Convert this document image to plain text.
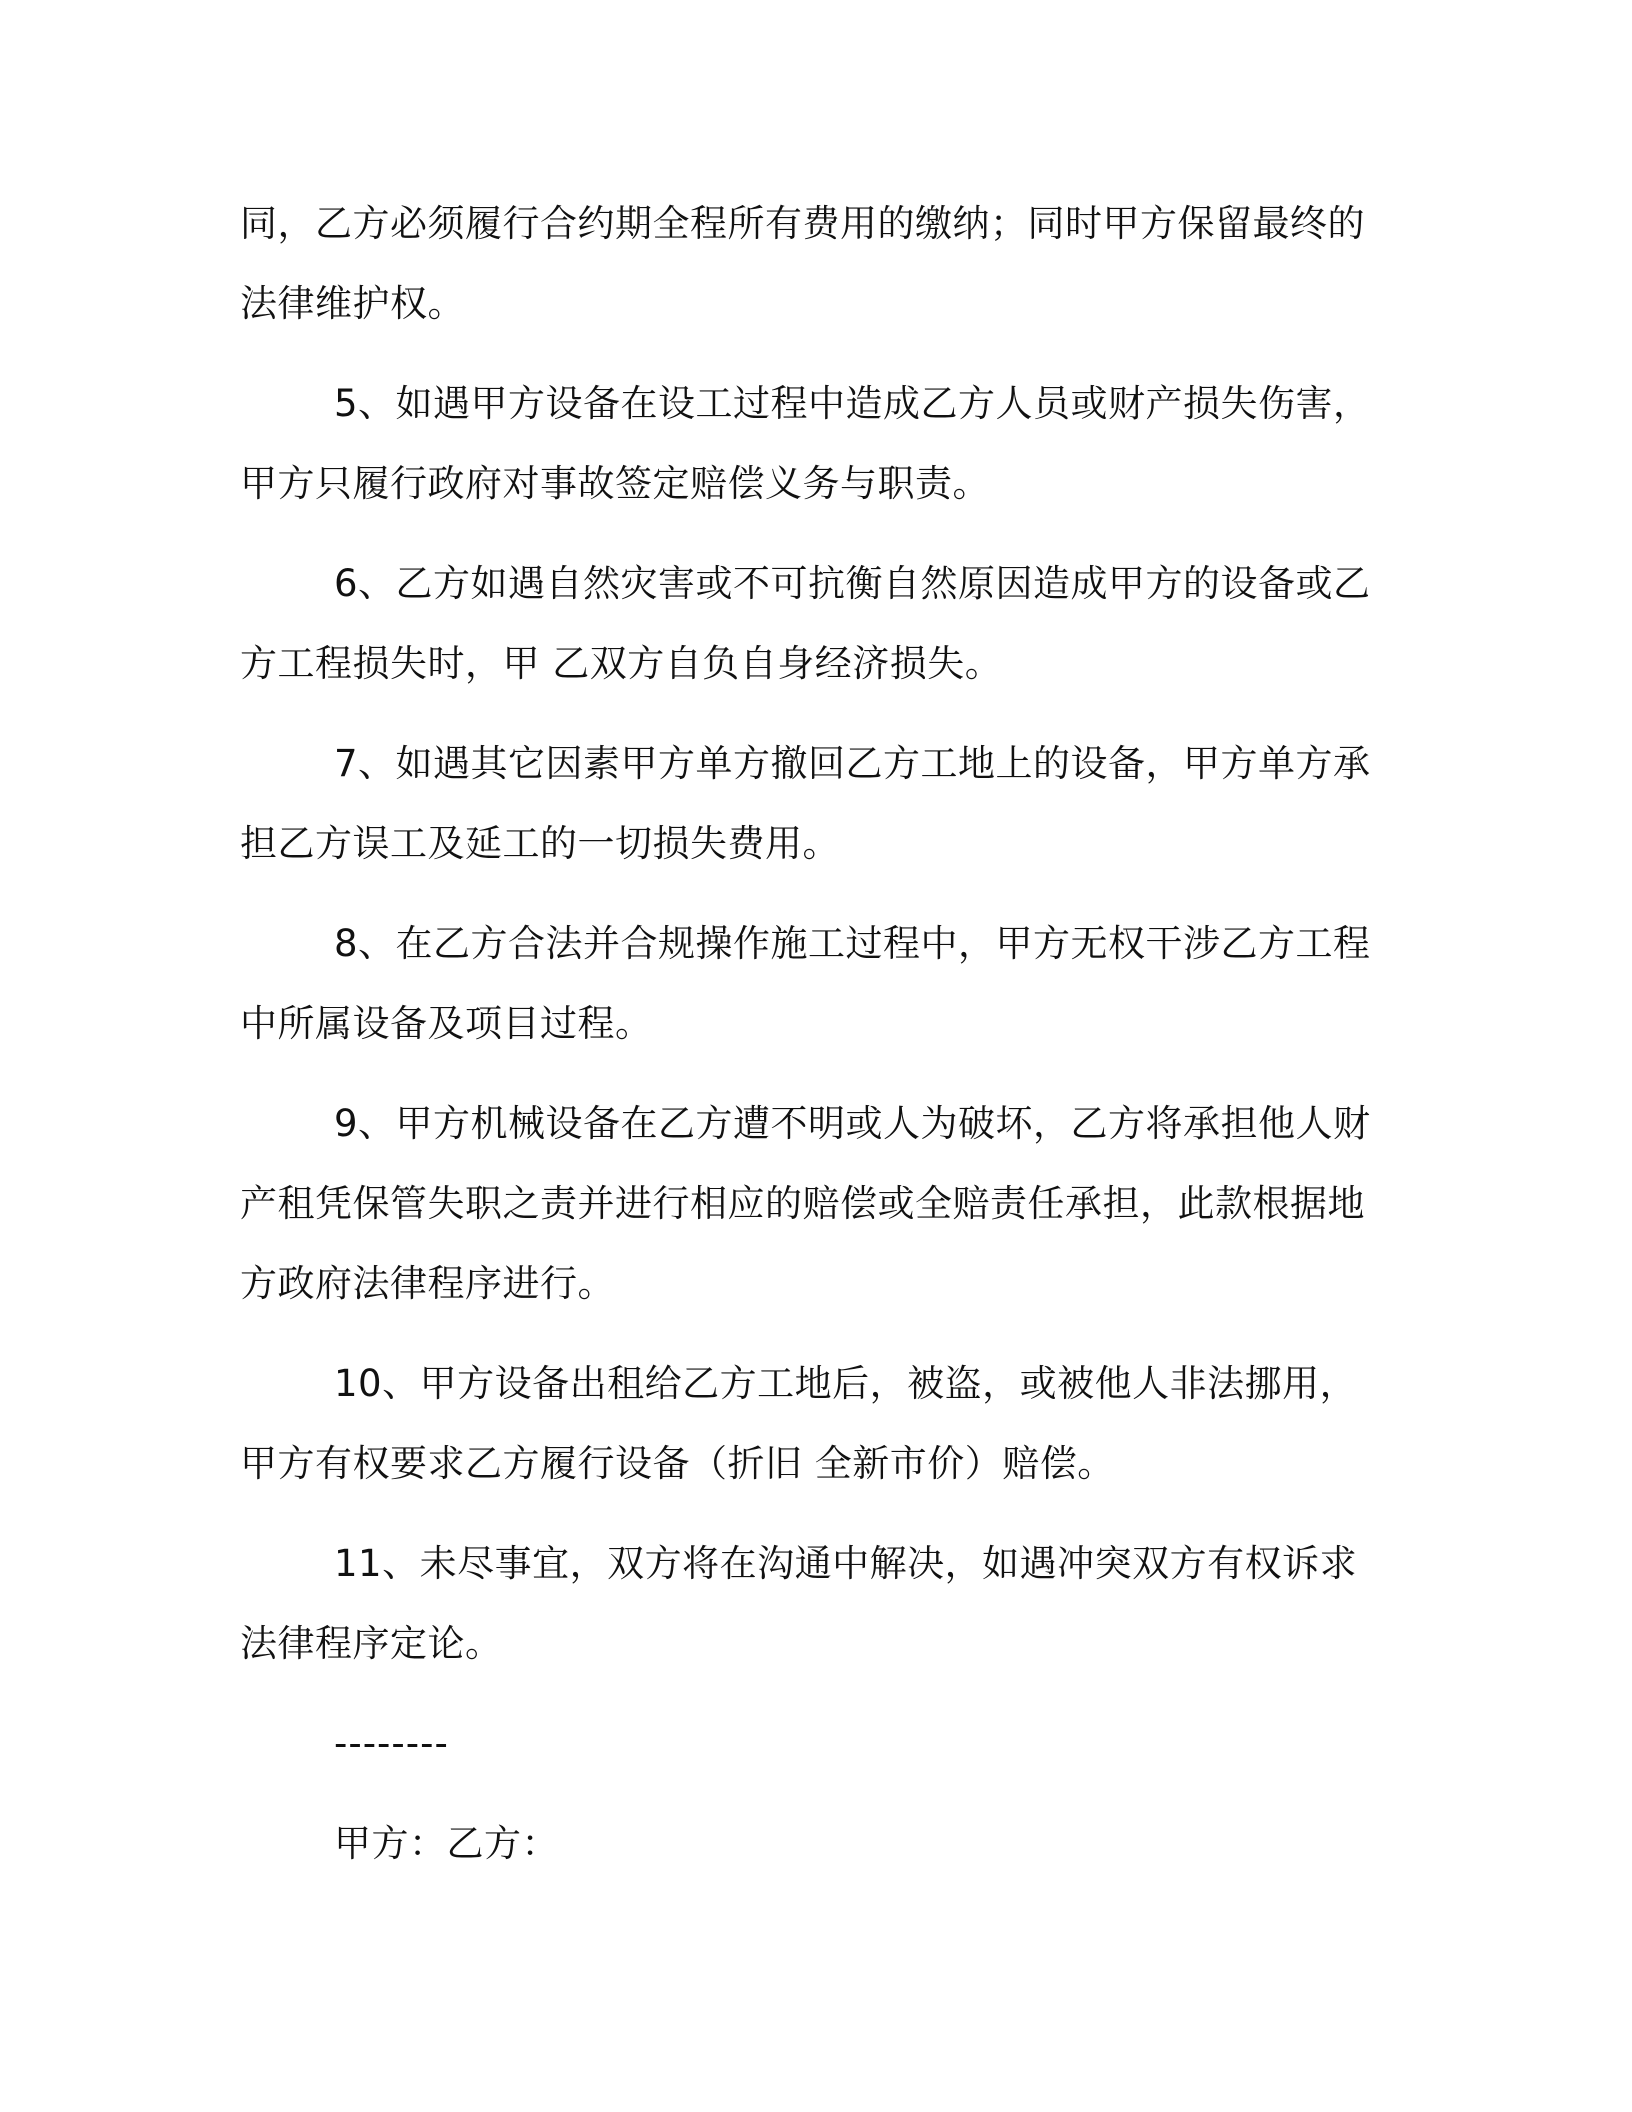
同，乙方必须履行合约期全程所有费用的缴纳；同时甲方保留最终的法律维护权。

5、如遇甲方设备在设工过程中造成乙方人员或财产损失伤害，甲方只履行政府对事故签定赔偿义务与职责。

6、乙方如遇自然灾害或不可抗衡自然原因造成甲方的设备或乙方工程损失时，甲 乙双方自负自身经济损失。

7、如遇其它因素甲方单方撤回乙方工地上的设备，甲方单方承担乙方误工及延工的一切损失费用。

8、在乙方合法并合规操作施工过程中，甲方无权干涉乙方工程中所属设备及项目过程。

9、甲方机械设备在乙方遭不明或人为破坏，乙方将承担他人财产租凭保管失职之责并进行相应的赔偿或全赔责任承担，此款根据地方政府法律程序进行。

10、甲方设备出租给乙方工地后，被盗，或被他人非法挪用，甲方有权要求乙方履行设备（折旧 全新市价）赔偿。

11、未尽事宜，双方将在沟通中解决，如遇冲突双方有权诉求法律程序定论。

--------

甲方：乙方：
